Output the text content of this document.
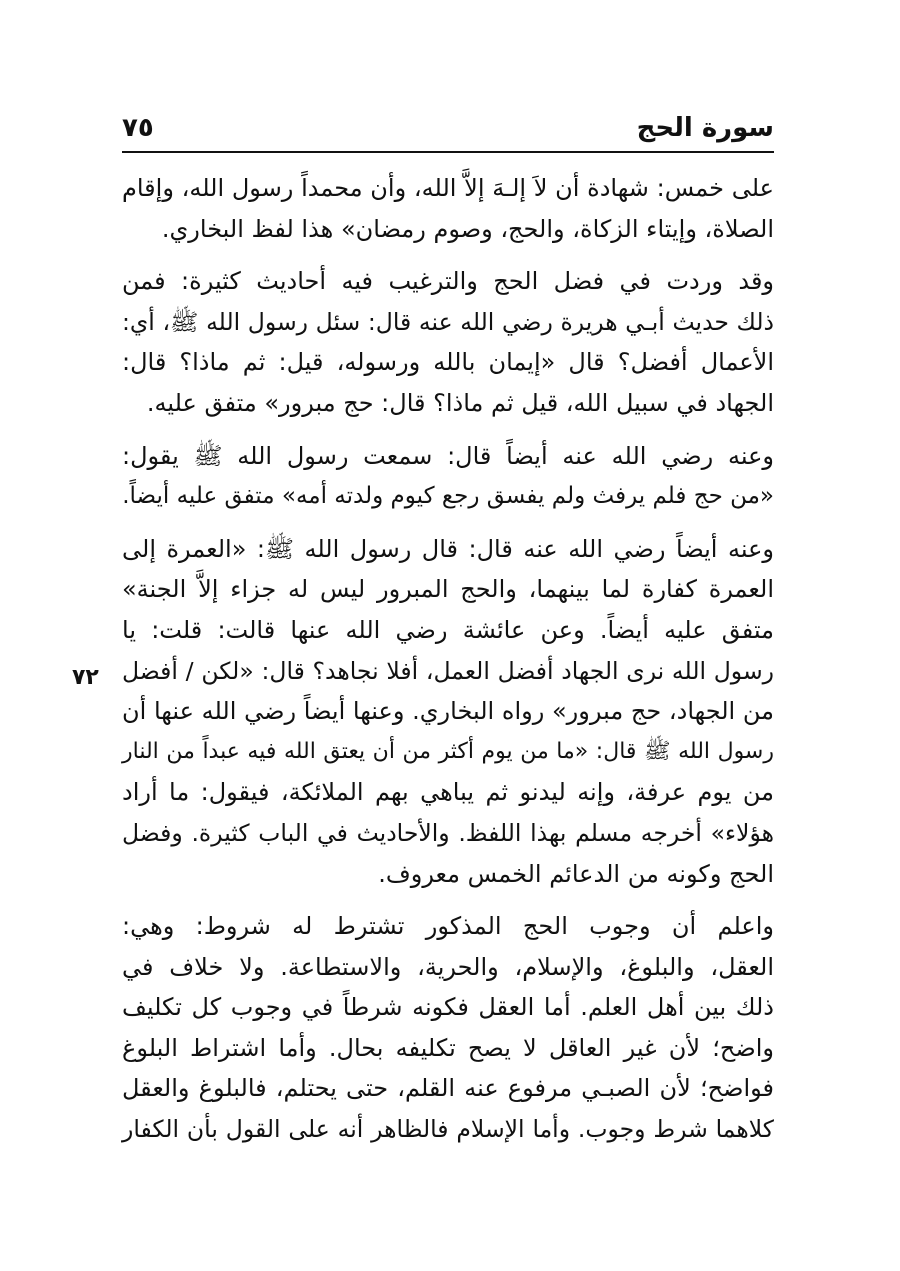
سورة الحج
٧٥
٧٢
على خمس: شهادة أن لاَ إلـهَ إلاَّ الله، وأن محمداً رسول الله، وإقام
الصلاة، وإيتاء الزكاة، والحج، وصوم رمضان» هذا لفظ البخاري.
وقد وردت في فضل الحج والترغيب فيه أحاديث كثيرة: فمن
ذلك حديث أبـي هريرة رضي الله عنه قال: سئل رسول الله ﷺ، أي:
الأعمال أفضل؟ قال «إيمان بالله ورسوله، قيل: ثم ماذا؟ قال:
الجهاد في سبيل الله، قيل ثم ماذا؟ قال: حج مبرور» متفق عليه.
وعنه رضي الله عنه أيضاً قال: سمعت رسول الله ﷺ يقول:
«من حج فلم يرفث ولم يفسق رجع كيوم ولدته أمه» متفق عليه أيضاً.
وعنه أيضاً رضي الله عنه قال: قال رسول الله ﷺ: «العمرة إلى
العمرة كفارة لما بينهما، والحج المبرور ليس له جزاء إلاَّ الجنة»
متفق عليه أيضاً. وعن عائشة رضي الله عنها قالت: قلت: يا
رسول الله نرى الجهاد أفضل العمل، أفلا نجاهد؟ قال: «لكن / أفضل
من الجهاد، حج مبرور» رواه البخاري. وعنها أيضاً رضي الله عنها أن
رسول الله ﷺ قال: «ما من يوم أكثر من أن يعتق الله فيه عبداً من النار
من يوم عرفة، وإنه ليدنو ثم يباهي بهم الملائكة، فيقول: ما أراد
هؤلاء» أخرجه مسلم بهذا اللفظ. والأحاديث في الباب كثيرة. وفضل
الحج وكونه من الدعائم الخمس معروف.
واعلم أن وجوب الحج المذكور تشترط له شروط: وهي:
العقل، والبلوغ، والإسلام، والحرية، والاستطاعة. ولا خلاف في
ذلك بين أهل العلم. أما العقل فكونه شرطاً في وجوب كل تكليف
واضح؛ لأن غير العاقل لا يصح تكليفه بحال. وأما اشتراط البلوغ
فواضح؛ لأن الصبـي مرفوع عنه القلم، حتى يحتلم، فالبلوغ والعقل
كلاهما شرط وجوب. وأما الإسلام فالظاهر أنه على القول بأن الكفار
